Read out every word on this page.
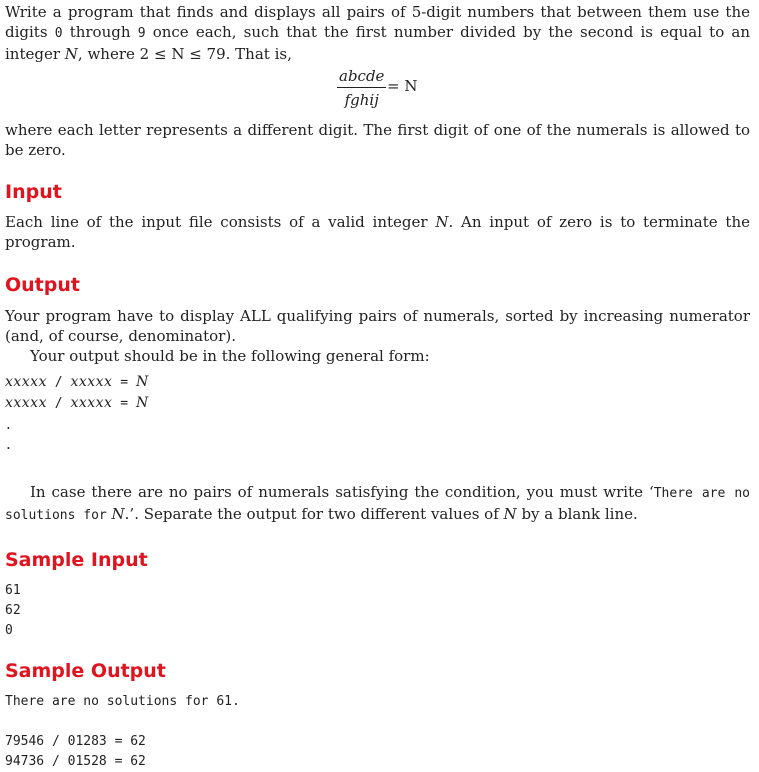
Write a program that finds and displays all pairs of 5-digit numbers that between them use the digits 0 through 9 once each, such that the first number divided by the second is equal to an integer N, where 2 ≤ N ≤ 79. That is,

abcde
fghij
= N

where each letter represents a different digit. The first digit of one of the numerals is allowed to be zero.

Input

Each line of the input file consists of a valid integer N. An input of zero is to terminate the program.

Output

Your program have to display ALL qualifying pairs of numerals, sorted by increasing numerator (and, of course, denominator).

Your output should be in the following general form:

xxxxx / xxxxx = N
xxxxx / xxxxx = N
.
.

In case there are no pairs of numerals satisfying the condition, you must write ‘There are no solutions for N.’. Separate the output for two different values of N by a blank line.

Sample Input
61
62
0
Sample Output
There are no solutions for 61.

79546 / 01283 = 62
94736 / 01528 = 62
